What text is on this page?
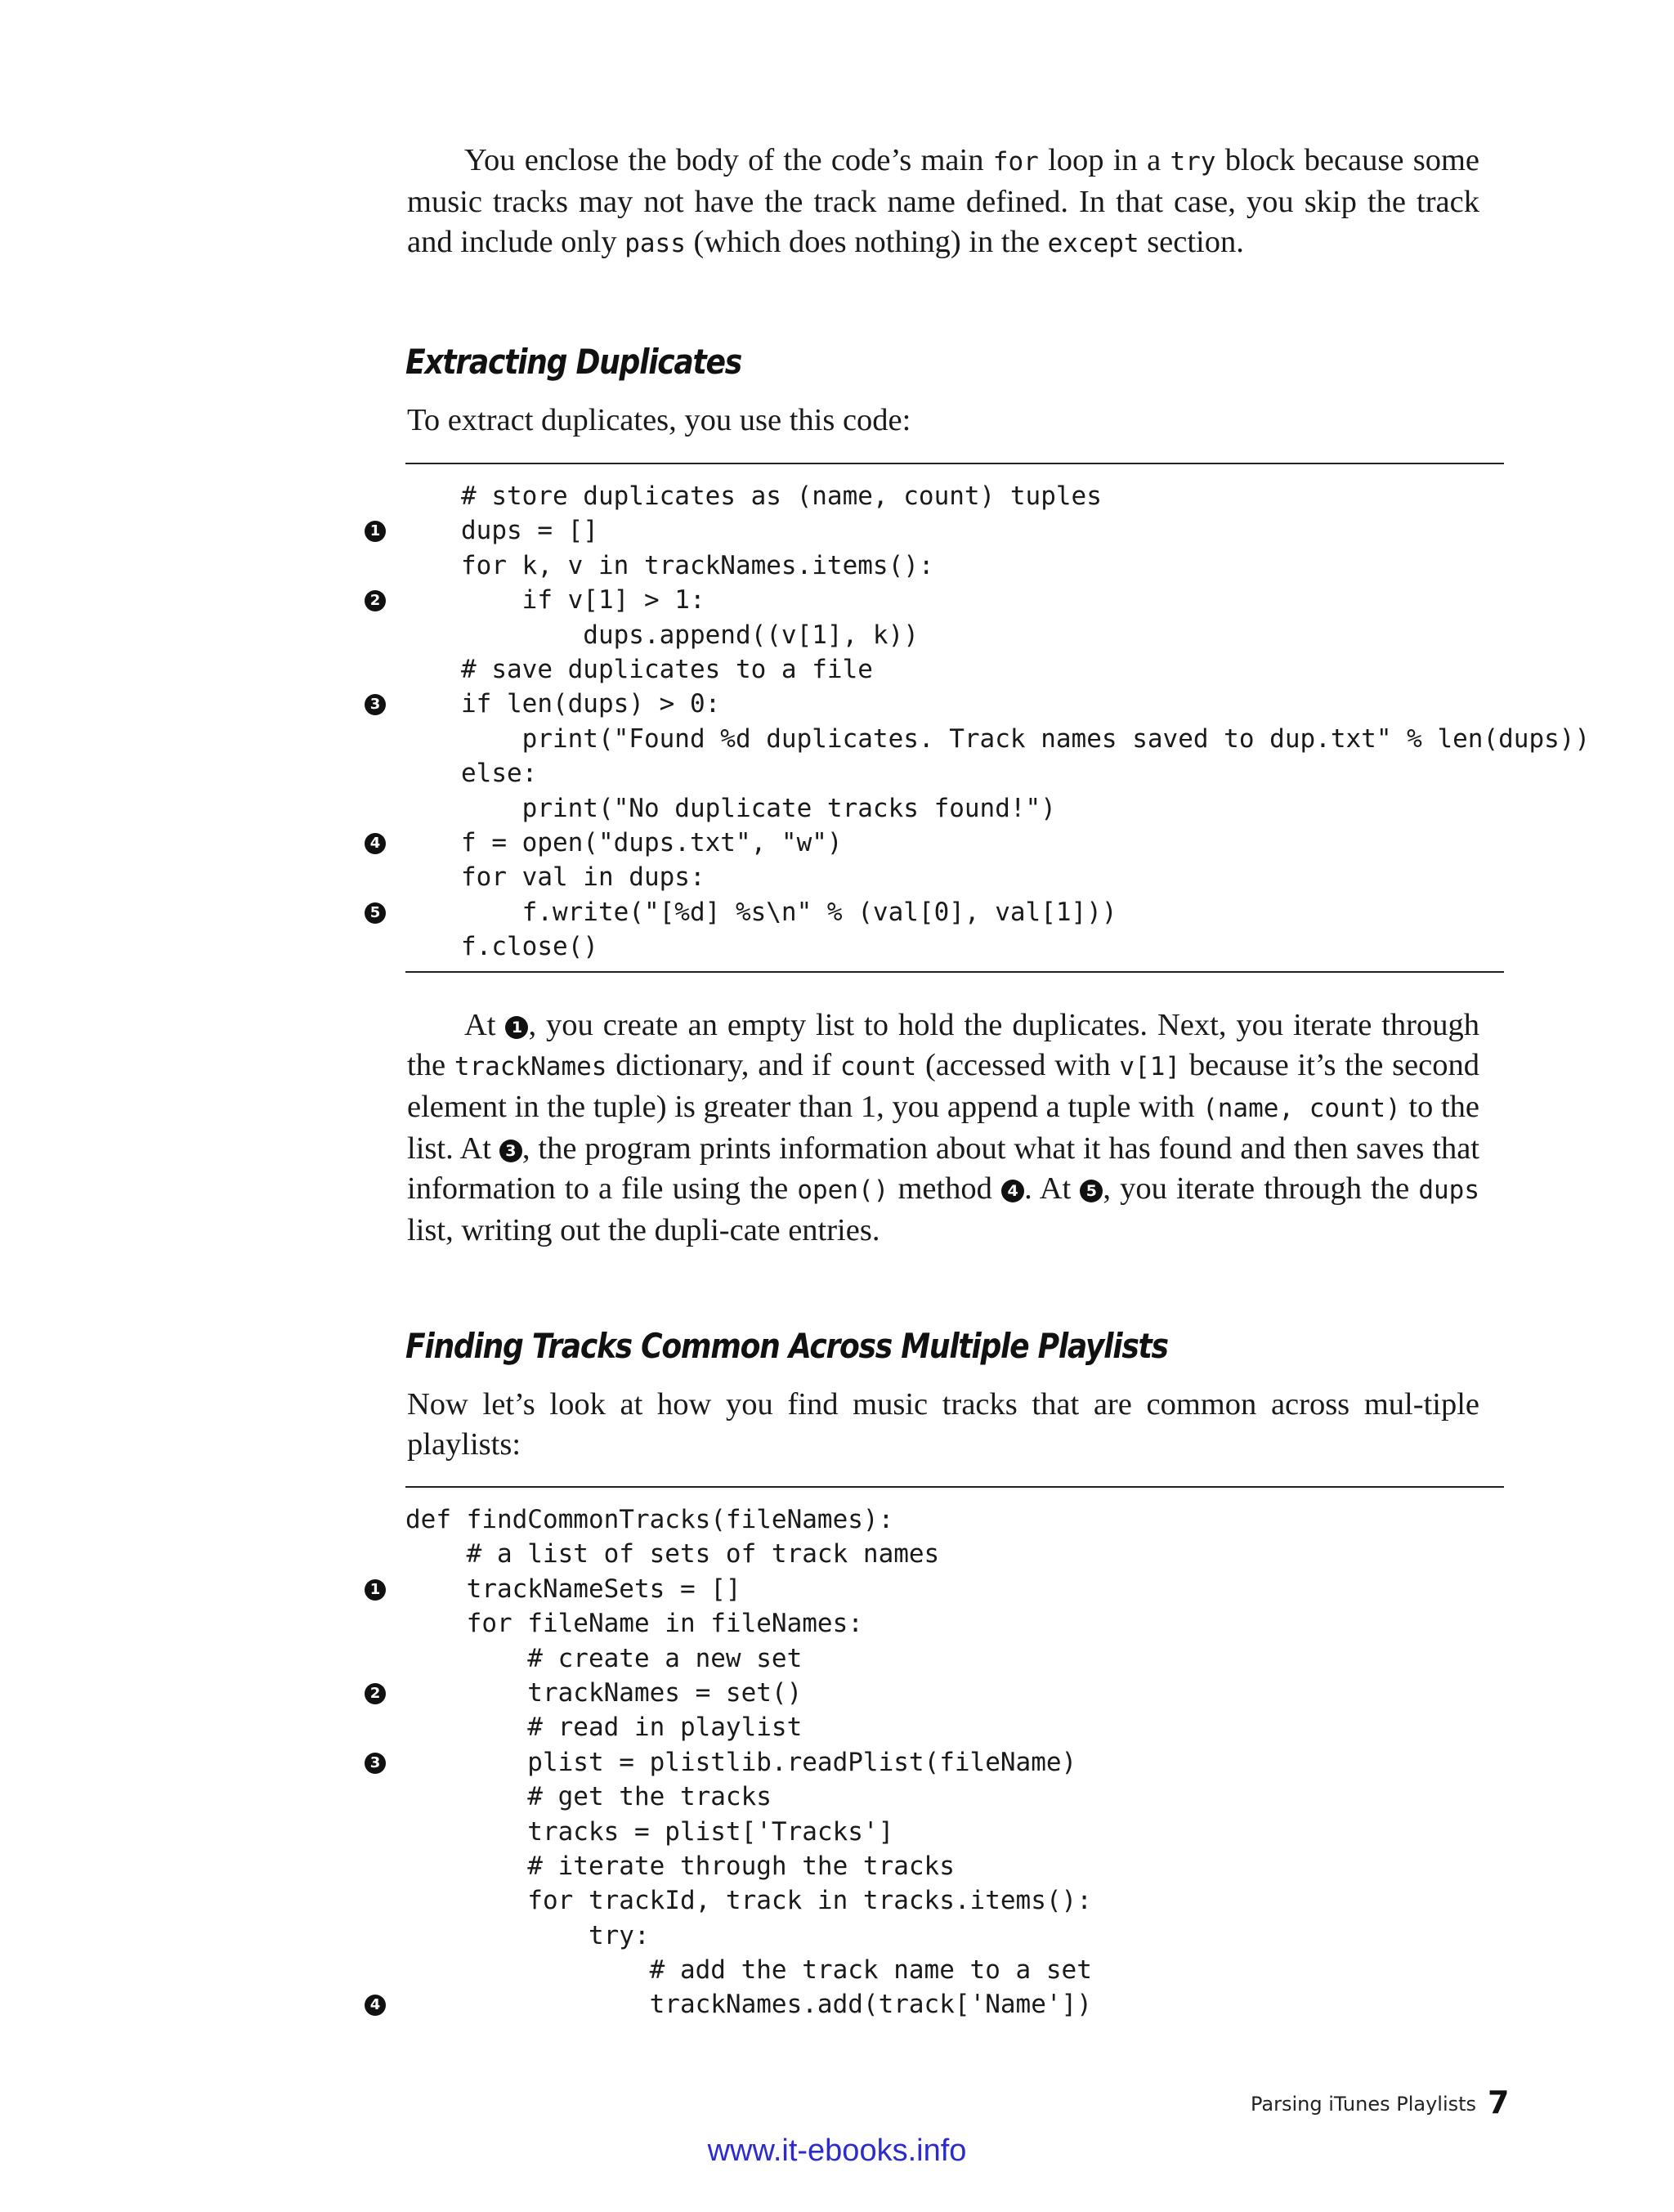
You enclose the body of the code’s main for loop in a try block because some music tracks may not have the track name defined. In that case, you skip the track and include only pass (which does nothing) in the except section.

Extracting Duplicates

To extract duplicates, you use this code:

# store duplicates as (name, count) tuples
1	dups = []
for k, v in trackNames.items():
2	if v[1] > 1:
dups.append((v[1], k))
# save duplicates to a file
3	if len(dups) > 0:
print("Found %d duplicates. Track names saved to dup.txt" % len(dups))
else:
print("No duplicate tracks found!")
4	f = open("dups.txt", "w")
for val in dups:
5	f.write("[%d] %s\n" % (val[0], val[1]))
f.close()

At 1 , you create an empty list to hold the duplicates. Next, you iterate through the trackNames dictionary, and if count (accessed with v[1] because it’s the second element in the tuple) is greater than 1, you append a tuple with (name, count) to the list. At 3 , the program prints information about what it has found and then saves that information to a file using the open() method 4 . At 5 , you iterate through the dups list, writing out the dupli-cate entries.

Finding Tracks Common Across Multiple Playlists

Now let’s look at how you find music tracks that are common across mul-tiple playlists:

def findCommonTracks(fileNames):
# a list of sets of track names
1 trackNameSets = []
for fileName in fileNames:
# create a new set
2 trackNames = set()
# read in playlist
3 plist = plistlib.readPlist(fileName)
# get the tracks
tracks = plist['Tracks']
# iterate through the tracks
for trackId, track in tracks.items():
try:
# add the track name to a set
4 trackNames.add(track['Name'])
Parsing iTunes Playlists 7
www.it-ebooks.info
